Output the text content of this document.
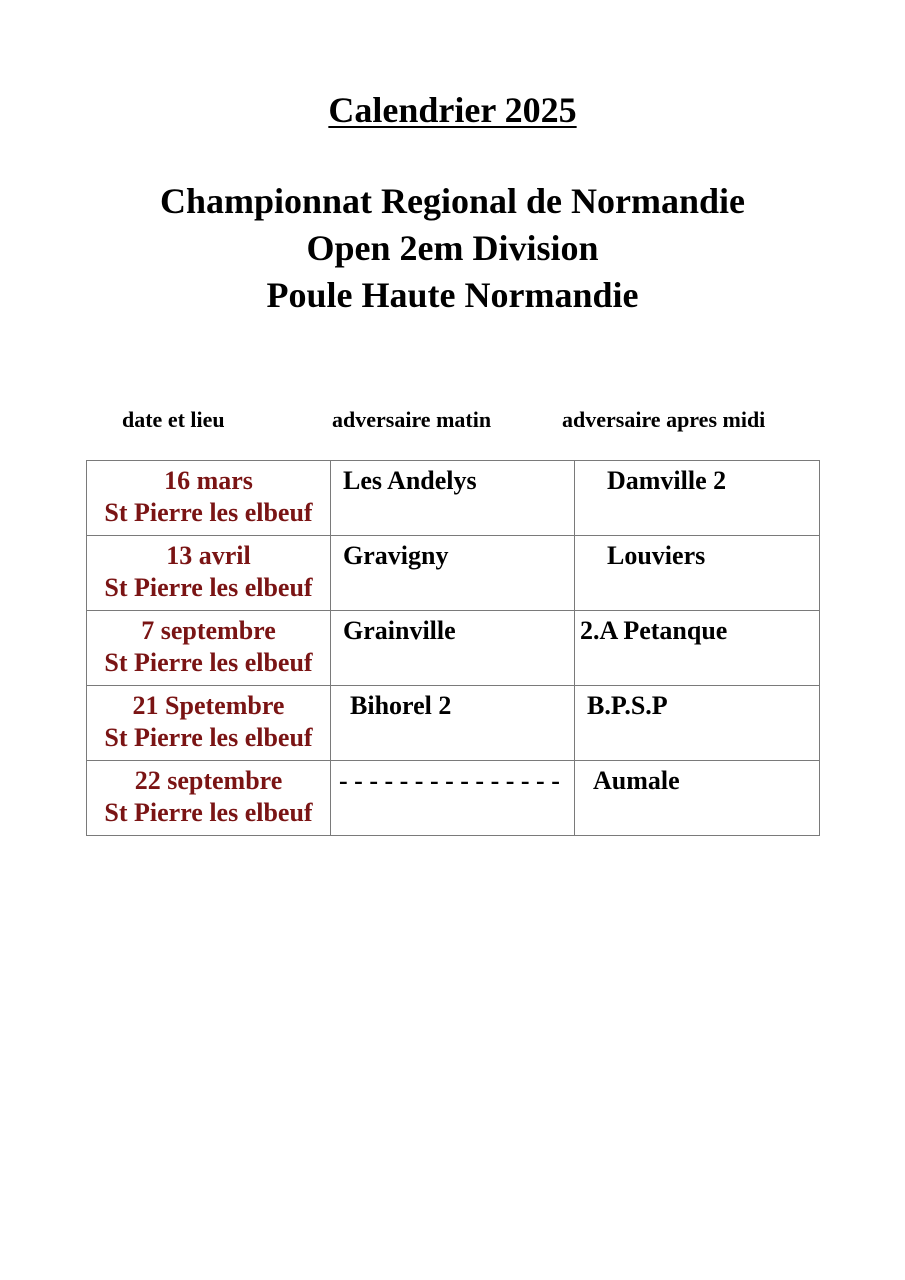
Calendrier 2025
Championnat Regional de Normandie
Open 2em Division
Poule Haute Normandie
date et lieu	adversaire matin	adversaire apres midi
16 mars
St Pierre les elbeuf	Les Andelys	Damville 2

13 avril
St Pierre les elbeuf	Gravigny	Louviers

7 septembre
St Pierre les elbeuf	Grainville	2.A Petanque

21 Spetembre
St Pierre les elbeuf	Bihorel 2	B.P.S.P

22 septembre
St Pierre les elbeuf	- - - - - - - - - - - - - - -	Aumale
